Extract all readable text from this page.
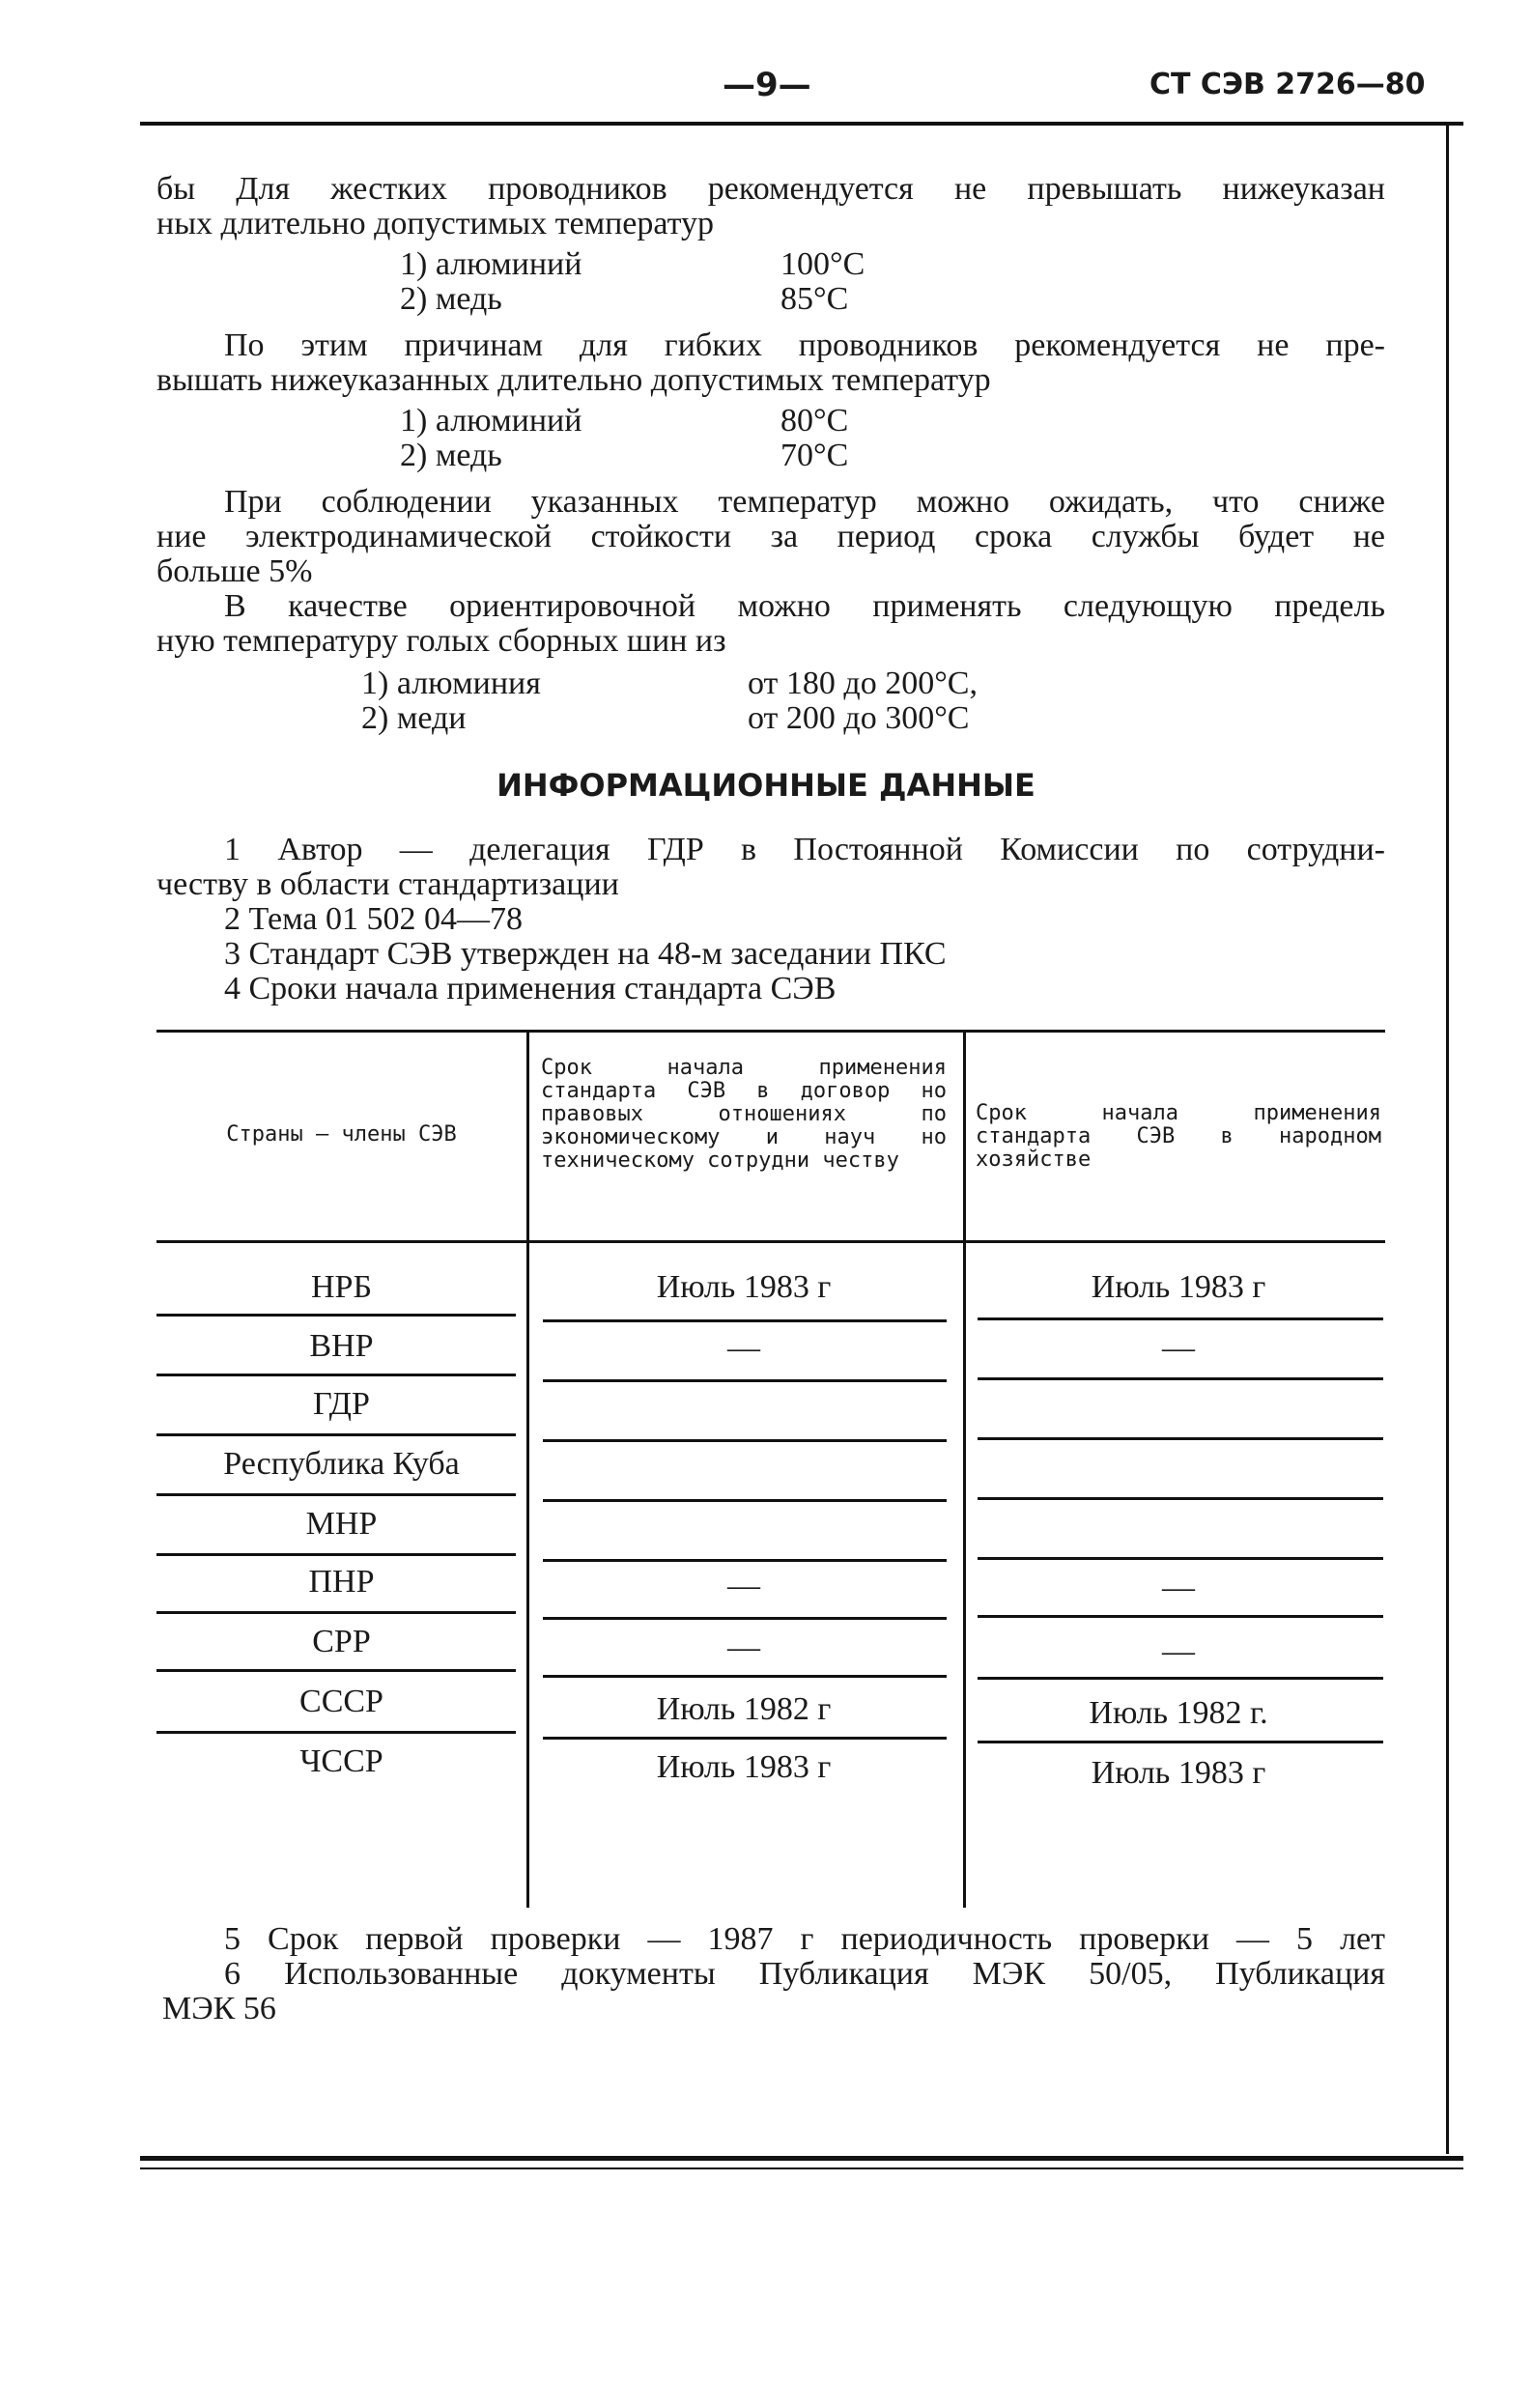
—9—	СТ СЭВ 2726—80
бы Для жестких проводников рекомендуется не превышать нижеуказан
ных длительно допустимых температур
1) алюминий	100°С
2) медь	85°С
По этим причинам для гибких проводников рекомендуется не пре-
вышать нижеуказанных длительно допустимых температур
1) алюминий	80°С
2) медь	70°С
При соблюдении указанных температур можно ожидать, что сниже
ние электродинамической стойкости за период срока службы будет не
больше 5%
В качестве ориентировочной можно применять следующую предель
ную температуру голых сборных шин из
1) алюминия	от 180 до 200°С,
2) меди	от 200 до 300°С
ИНФОРМАЦИОННЫЕ ДАННЫЕ
1 Автор — делегация ГДР в Постоянной Комиссии по сотрудни-
честву в области стандартизации
2 Тема 01 502 04—78
3 Стандарт СЭВ утвержден на 48-м заседании ПКС
4 Сроки начала применения стандарта СЭВ
Страны — члены СЭВ
Срок начала применения стандарта СЭВ в договор но правовых отношениях по экономическому и науч но техническому сотрудни честву
Срок начала применения стандарта СЭВ в народном хозяйстве
НРБ	Июль 1983 г	Июль 1983 г
ВНР	—	—
ГДР
Республика Куба
МНР
ПНР	—	—
СРР	—	—
СССР	Июль 1982 г	Июль 1982 г.
ЧССР	Июль 1983 г	Июль 1983 г
5 Срок первой проверки — 1987 г периодичность проверки — 5 лет
6 Использованные документы Публикация МЭК 50/05, Публикация
МЭК 56
